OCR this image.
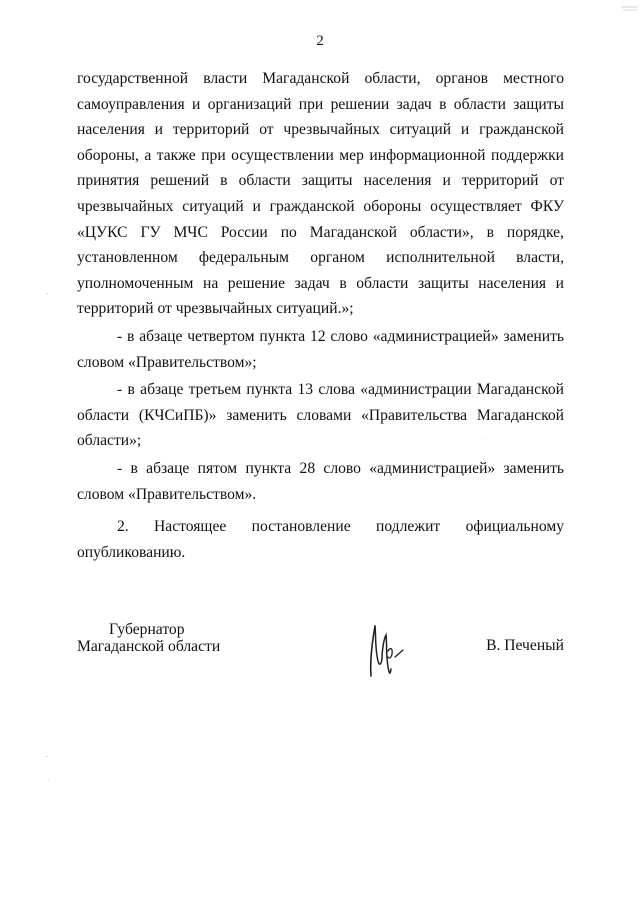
2

государственной власти Магаданской области, органов местного самоуправления и организаций при решении задач в области защиты населения и территорий от чрезвычайных ситуаций и гражданской обороны, а также при осуществлении мер информационной поддержки принятия решений в области защиты населения и территорий от чрезвычайных ситуаций и гражданской обороны осуществляет ФКУ «ЦУКС ГУ МЧС России по Магаданской области», в порядке, установленном федеральным органом исполнительной власти, уполномоченным на решение задач в области защиты населения и территорий от чрезвычайных ситуаций.»;

- в абзаце четвертом пункта 12 слово «администрацией» заменить словом «Правительством»;

- в абзаце третьем пункта 13 слова «администрации Магаданской области (КЧСиПБ)» заменить словами «Правительства Магаданской области»;

- в абзаце пятом пункта 28 слово «администрацией» заменить словом «Правительством».

2. Настоящее постановление подлежит официальному опубликованию.

Губернатор
Магаданской области	В. Печеный
